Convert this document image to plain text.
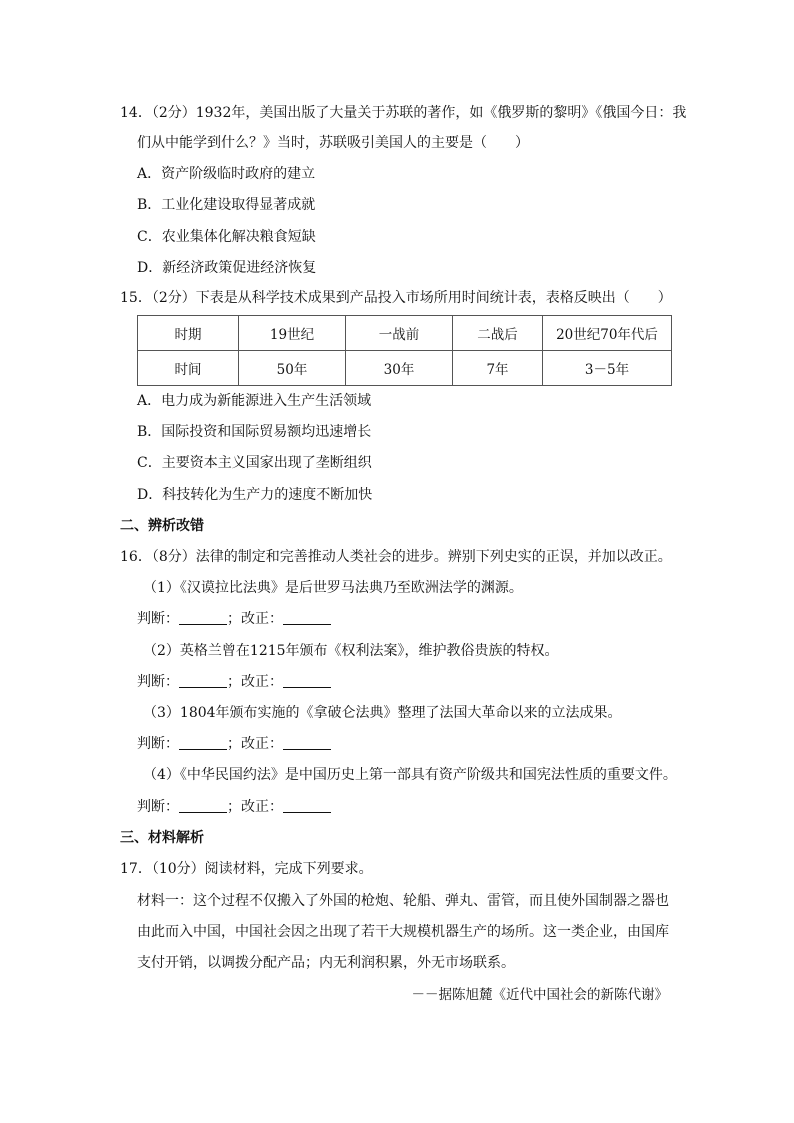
14．（2分）1932年，美国出版了大量关于苏联的著作，如《俄罗斯的黎明》《俄国今日：我
们从中能学到什么？》当时，苏联吸引美国人的主要是（　　）
A．资产阶级临时政府的建立
B．工业化建设取得显著成就
C．农业集体化解决粮食短缺
D．新经济政策促进经济恢复
15．（2分）下表是从科学技术成果到产品投入市场所用时间统计表，表格反映出（　　）
时期	19世纪	一战前	二战后	20世纪70年代后
时间	50年	30年	7年	3－5年
A．电力成为新能源进入生产生活领域
B．国际投资和国际贸易额均迅速增长
C．主要资本主义国家出现了垄断组织
D．科技转化为生产力的速度不断加快
二、辨析改错
16．（8分）法律的制定和完善推动人类社会的进步。辨别下列史实的正误，并加以改正。
（1）《汉谟拉比法典》是后世罗马法典乃至欧洲法学的渊源。
判断：	；改正：
（2）英格兰曾在1215年颁布《权利法案》，维护教俗贵族的特权。
判断：	；改正：
（3）1804年颁布实施的《拿破仑法典》整理了法国大革命以来的立法成果。
判断：	；改正：
（4）《中华民国约法》是中国历史上第一部具有资产阶级共和国宪法性质的重要文件。
判断：	；改正：
三、材料解析
17．（10分）阅读材料，完成下列要求。
材料一：这个过程不仅搬入了外国的枪炮、轮船、弹丸、雷管，而且使外国制器之器也
由此而入中国，中国社会因之出现了若干大规模机器生产的场所。这一类企业，由国库
支付开销，以调拨分配产品；内无利润积累，外无市场联系。
－－据陈旭麓《近代中国社会的新陈代谢》
